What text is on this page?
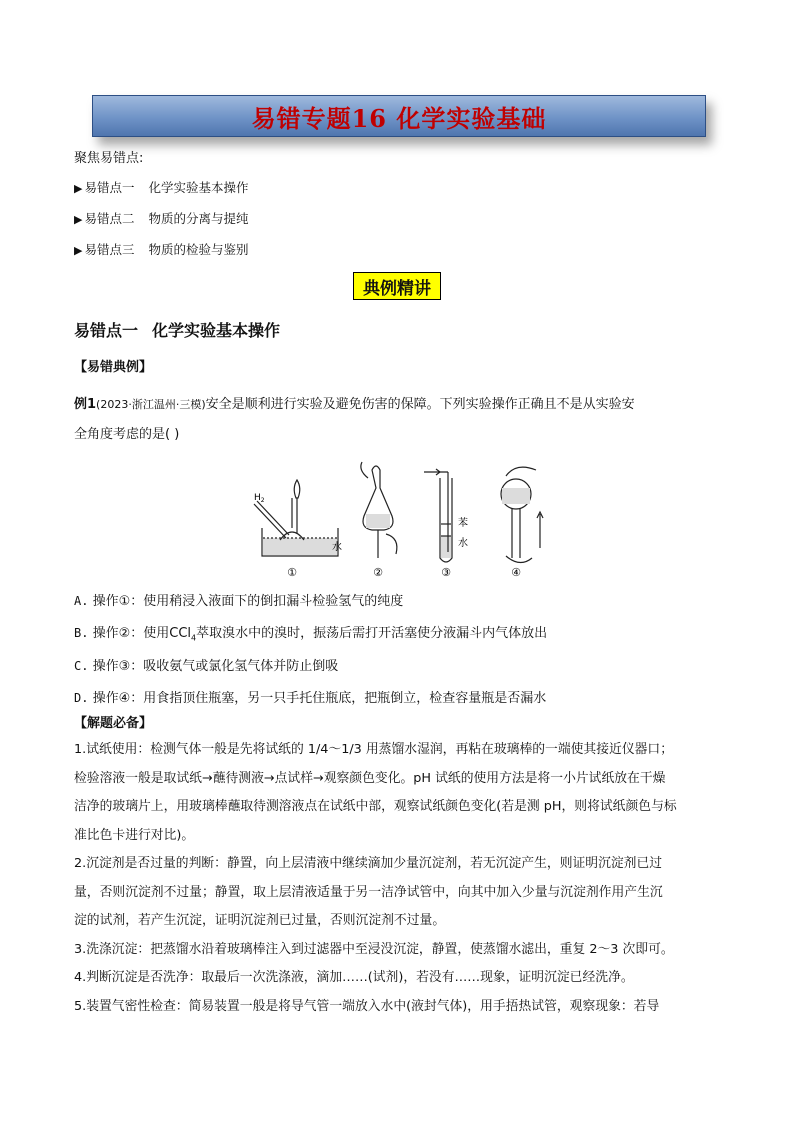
易错专题16 化学实验基础
聚焦易错点:
▶ 易错点一 化学实验基本操作
▶ 易错点二 物质的分离与提纯
▶ 易错点三 物质的检验与鉴别
典例精讲
易错点一 化学实验基本操作
【易错典例】
例1(2023·浙江温州·三模)安全是顺利进行实验及避免伤害的保障。下列实验操作正确且不是从实验安
全角度考虑的是( )
$H_2$
水
苯
水
①	②	③	④
A. 操作①：使用稍浸入液面下的倒扣漏斗检验氢气的纯度
B. 操作②：使用CCl$_4$萃取溴水中的溴时，振荡后需打开活塞使分液漏斗内气体放出
C. 操作③：吸收氨气或氯化氢气体并防止倒吸
D. 操作④：用食指顶住瓶塞，另一只手托住瓶底，把瓶倒立，检查容量瓶是否漏水
【解题必备】
1.试纸使用：检测气体一般是先将试纸的 1/4～1/3 用蒸馏水湿润，再粘在玻璃棒的一端使其接近仪器口；
检验溶液一般是取试纸→蘸待测液→点试样→观察颜色变化。pH 试纸的使用方法是将一小片试纸放在干燥
洁净的玻璃片上，用玻璃棒蘸取待测溶液点在试纸中部，观察试纸颜色变化(若是测 pH，则将试纸颜色与标
准比色卡进行对比)。
2.沉淀剂是否过量的判断：静置，向上层清液中继续滴加少量沉淀剂，若无沉淀产生，则证明沉淀剂已过
量，否则沉淀剂不过量；静置，取上层清液适量于另一洁净试管中，向其中加入少量与沉淀剂作用产生沉
淀的试剂，若产生沉淀，证明沉淀剂已过量，否则沉淀剂不过量。
3.洗涤沉淀：把蒸馏水沿着玻璃棒注入到过滤器中至浸没沉淀，静置，使蒸馏水滤出，重复 2～3 次即可。
4.判断沉淀是否洗净：取最后一次洗涤液，滴加……(试剂)，若没有……现象，证明沉淀已经洗净。
5.装置气密性检查：简易装置一般是将导气管一端放入水中(液封气体)，用手捂热试管，观察现象：若导
